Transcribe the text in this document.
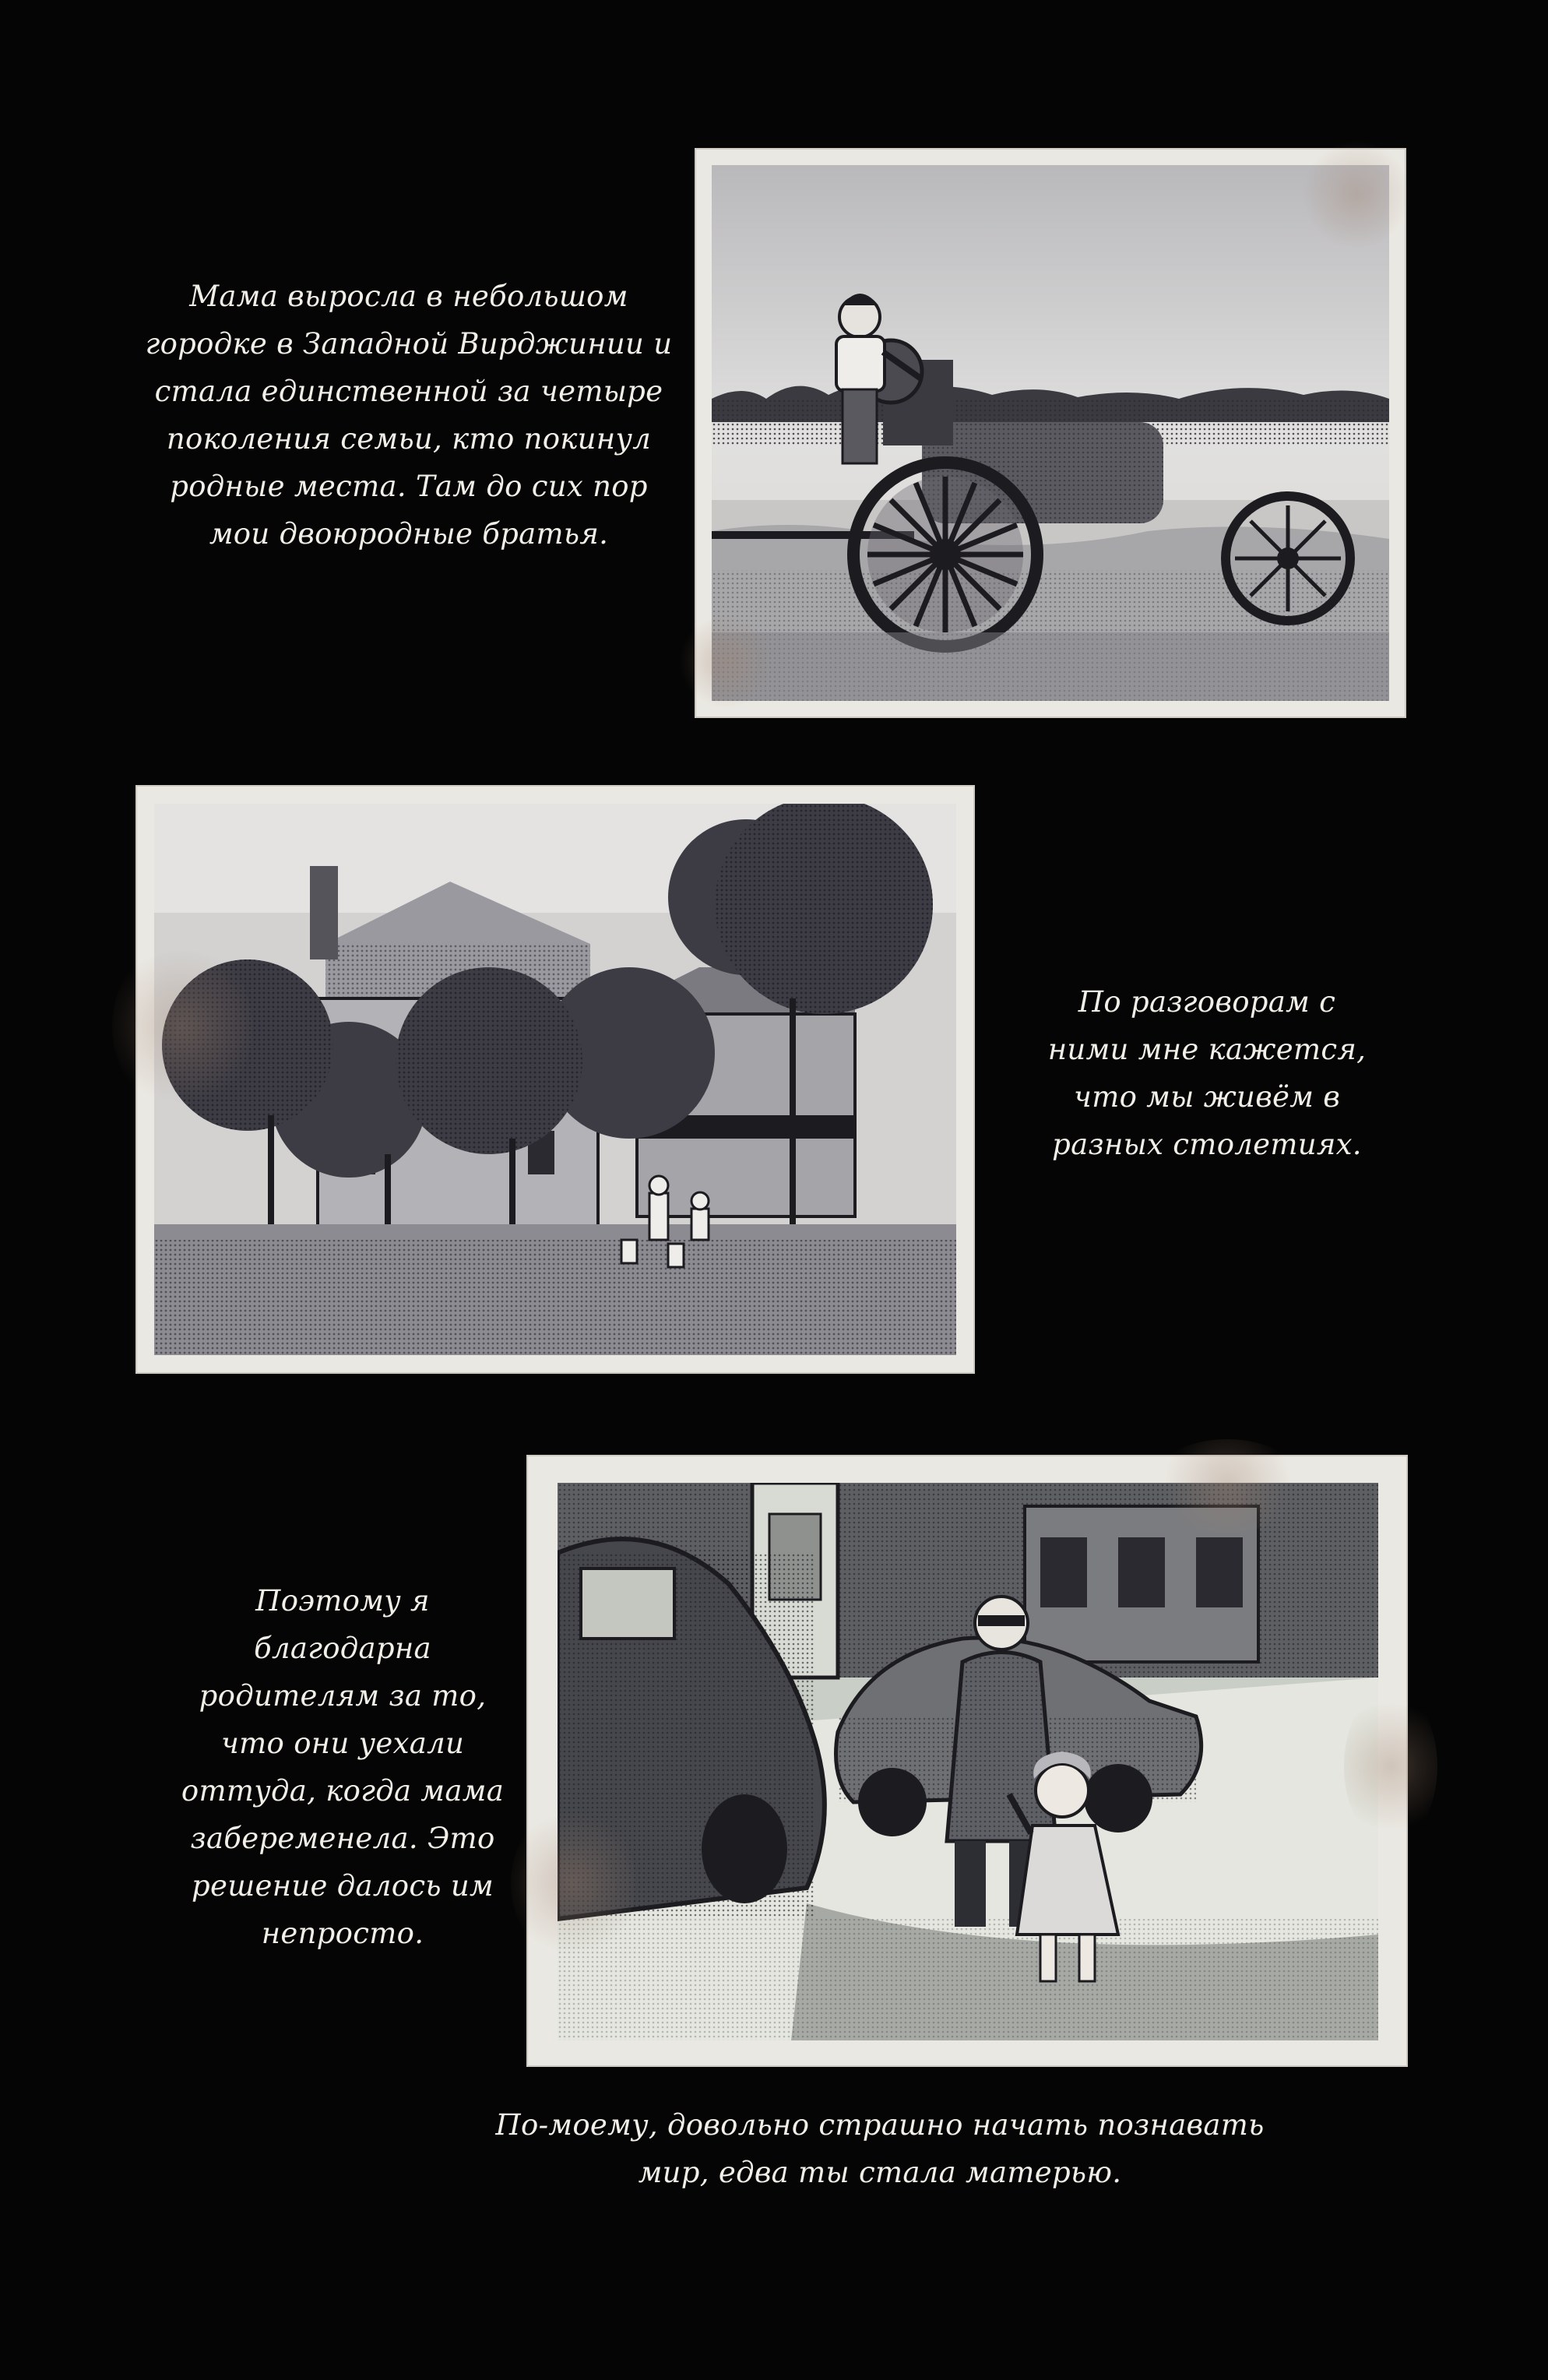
Мама выросла в небольшом
городке в Западной Вирджинии и
стала единственной за четыре
поколения семьи, кто покинул
родные места. Там до сих пор
мои двоюродные братья.
По разговорам с
ними мне кажется,
что мы живём в
разных столетиях.
Поэтому я
благодарна
родителям за то,
что они уехали
оттуда, когда мама
забеременела. Это
решение далось им
непросто.
По-моему, довольно страшно начать познавать
мир, едва ты стала матерью.
